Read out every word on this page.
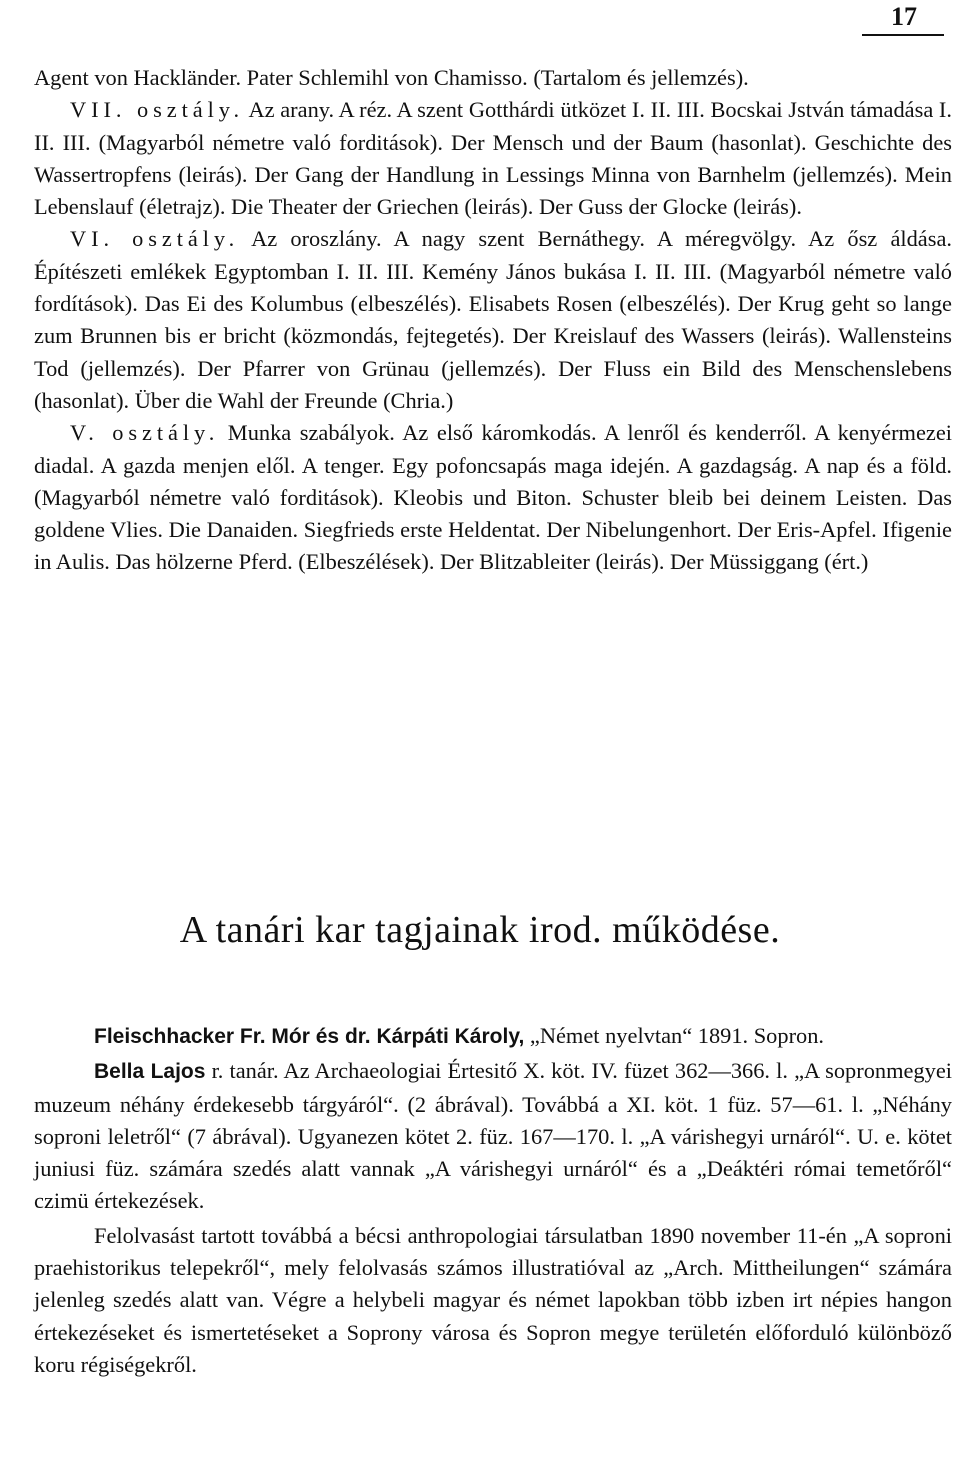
17

Agent von Hackländer. Pater Schlemihl von Chamisso. (Tartalom és jellemzés).

VII. osztály. Az arany. A réz. A szent Gotthárdi ütközet I. II. III. Bocskai Jstván támadása I. II. III. (Magyarból németre való forditások). Der Mensch und der Baum (hasonlat). Geschichte des Wassertropfens (leirás). Der Gang der Handlung in Lessings Minna von Barnhelm (jellemzés). Mein Lebenslauf (életrajz). Die Theater der Griechen (leirás). Der Guss der Glocke (leirás).

VI. osztály. Az oroszlány. A nagy szent Bernáthegy. A méregvölgy. Az ősz áldása. Építészeti emlékek Egyptomban I. II. III. Kemény János bukása I. II. III. (Magyarból németre való fordítások). Das Ei des Kolumbus (elbeszélés). Elisabets Rosen (elbeszélés). Der Krug geht so lange zum Brunnen bis er bricht (közmondás, fejtegetés). Der Kreislauf des Wassers (leirás). Wallensteins Tod (jellemzés). Der Pfarrer von Grünau (jellemzés). Der Fluss ein Bild des Menschenslebens (hasonlat). Über die Wahl der Freunde (Chria.)

V. osztály. Munka szabályok. Az első káromkodás. A lenről és kenderről. A kenyérmezei diadal. A gazda menjen elől. A tenger. Egy pofoncsapás maga idején. A gazdagság. A nap és a föld. (Magyarból németre való forditások). Kleobis und Biton. Schuster bleib bei deinem Leisten. Das goldene Vlies. Die Danaiden. Siegfrieds erste Heldentat. Der Nibelungenhort. Der Eris-Apfel. Ifigenie in Aulis. Das hölzerne Pferd. (Elbeszélések). Der Blitzableiter (leirás). Der Müssiggang (ért.)

A tanári kar tagjainak irod. működése.

Fleischhacker Fr. Mór és dr. Kárpáti Károly, „Német nyelvtan“ 1891. Sopron.

Bella Lajos r. tanár. Az Archaeologiai Értesitő X. köt. IV. füzet 362—366. l. „A sopronmegyei muzeum néhány érdekesebb tárgyáról“. (2 ábrával). Továbbá a XI. köt. 1 füz. 57—61. l. „Néhány soproni leletről“ (7 ábrával). Ugyanezen kötet 2. füz. 167—170. l. „A várishegyi urnáról“. U. e. kötet juniusi füz. számára szedés alatt vannak „A várishegyi urnáról“ és a „Deáktéri római temetőről“ czimü értekezések.

Felolvasást tartott továbbá a bécsi anthropologiai társulatban 1890 november 11-én „A soproni praehistorikus telepekről“, mely felolvasás számos illustratióval az „Arch. Mittheilungen“ számára jelenleg szedés alatt van. Végre a helybeli magyar és német lapokban több izben irt népies hangon értekezéseket és ismertetéseket a Soprony városa és Sopron megye területén előforduló különböző koru régiségekről.
